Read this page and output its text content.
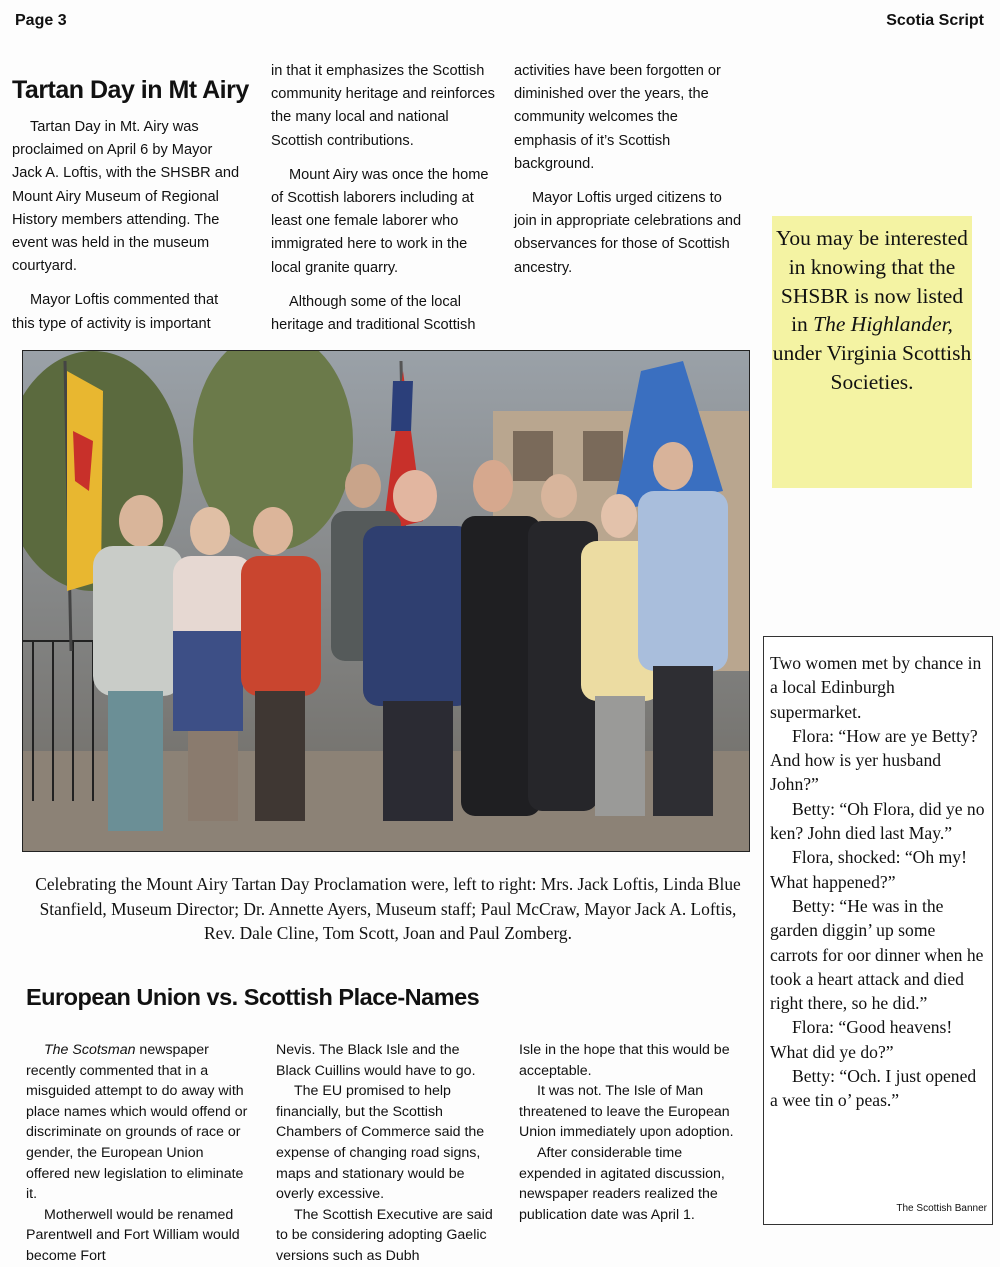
Page 3	Scotia Script
Tartan Day in Mt Airy

Tartan Day in Mt. Airy was proclaimed on April 6 by Mayor Jack A. Loftis, with the SHSBR and Mount Airy Museum of Regional History members attending. The event was held in the museum courtyard.

Mayor Loftis commented that this type of activity is important

in that it emphasizes the Scottish community heritage and reinforces the many local and national Scottish contributions.

Mount Airy was once the home of Scottish laborers including at least one female laborer who immigrated here to work in the local granite quarry.

Although some of the local heritage and traditional Scottish

activities have been forgotten or diminished over the years, the community welcomes the emphasis of it’s Scottish background.

Mayor Loftis urged citizens to join in appropriate celebrations and observances for those of Scottish ancestry.

You may be interested in knowing that the SHSBR is now listed in The Highlander, under Virginia Scottish Societies.

Celebrating the Mount Airy Tartan Day Proclamation were, left to right: Mrs. Jack Loftis, Linda Blue Stanfield, Museum Director; Dr. Annette Ayers, Museum staff; Paul McCraw, Mayor Jack A. Loftis, Rev. Dale Cline, Tom Scott, Joan and Paul Zomberg.

Two women met by chance in a local Edinburgh supermarket.

Flora: “How are ye Betty? And how is yer husband John?”

Betty: “Oh Flora, did ye no ken? John died last May.”

Flora, shocked: “Oh my! What happened?”

Betty: “He was in the garden diggin’ up some carrots for oor dinner when he took a heart attack and died right there, so he did.”

Flora: “Good heavens! What did ye do?”

Betty: “Och. I just opened a wee tin o’ peas.”

The Scottish Banner
European Union vs. Scottish Place-Names

The Scotsman newspaper recently commented that in a misguided attempt to do away with place names which would offend or discriminate on grounds of race or gender, the European Union offered new legislation to eliminate it.

Motherwell would be renamed Parentwell and Fort William would become Fort

Nevis. The Black Isle and the Black Cuillins would have to go.

The EU promised to help financially, but the Scottish Chambers of Commerce said the expense of changing road signs, maps and stationary would be overly excessive.

The Scottish Executive are said to be considering adopting Gaelic versions such as Dubh

Isle in the hope that this would be acceptable.

It was not. The Isle of Man threatened to leave the European Union immediately upon adoption.

After considerable time expended in agitated discussion, newspaper readers realized the publication date was April 1.
